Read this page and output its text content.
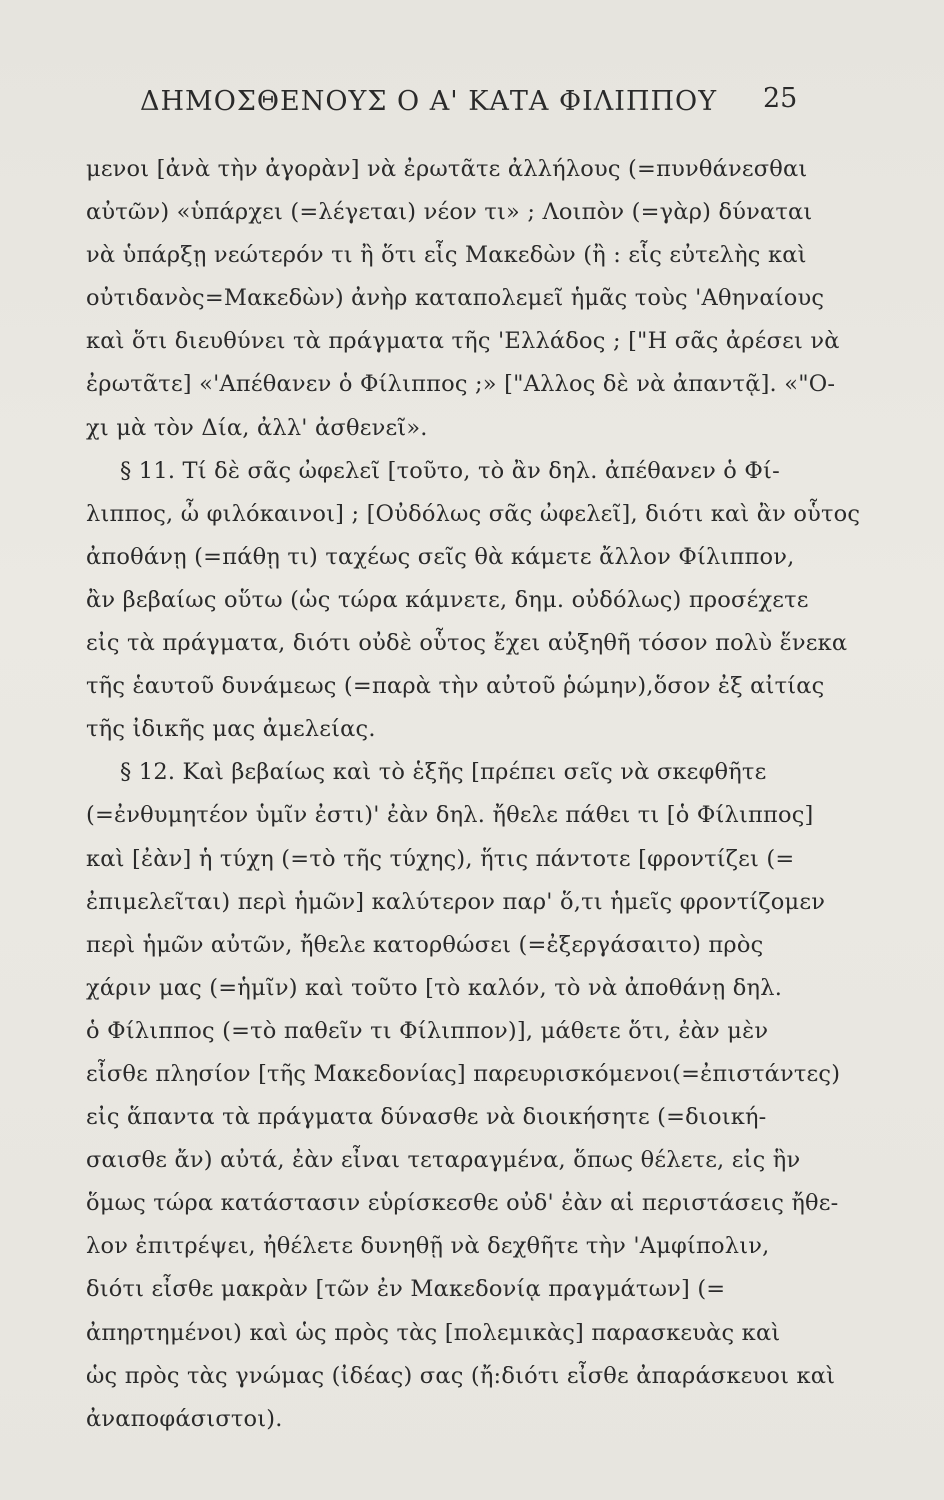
ΔΗΜΟΣΘΕΝΟΥΣ Ο Α' ΚΑΤΑ ΦΙΛΙΠΠΟΥ	25
μενοι [ἀνὰ τὴν ἀγορὰν] νὰ ἐρωτᾶτε ἀλλήλους (=πυνθάνεσθαι
αὐτῶν) «ὑπάρχει (=λέγεται) νέον τι» ; Λοιπὸν (=γὰρ) δύναται
νὰ ὑπάρξῃ νεώτερόν τι ἢ ὅτι εἷς Μακεδὼν (ἢ : εἷς εὐτελὴς καὶ
οὐτιδανὸς=Μακεδὼν) ἀνὴρ καταπολεμεῖ ἡμᾶς τοὺς 'Αθηναίους
καὶ ὅτι διευθύνει τὰ πράγματα τῆς 'Ελλάδος ; ["Η σᾶς ἀρέσει νὰ
ἐρωτᾶτε] «'Απέθανεν ὁ Φίλιππος ;» ["Αλλος δὲ νὰ ἀπαντᾷ]. «"Ο-
χι μὰ τὸν Δία, ἀλλ' ἀσθενεῖ».
§ 11. Τί δὲ σᾶς ὠφελεῖ [τοῦτο, τὸ ἂν δηλ. ἀπέθανεν ὁ Φί-
λιππος, ὦ φιλόκαινοι] ; [Οὐδόλως σᾶς ὠφελεῖ], διότι καὶ ἂν οὗτος
ἀποθάνῃ (=πάθῃ τι) ταχέως σεῖς θὰ κάμετε ἄλλον Φίλιππον,
ἂν βεβαίως οὕτω (ὡς τώρα κάμνετε, δημ. οὐδόλως) προσέχετε
εἰς τὰ πράγματα, διότι οὐδὲ οὗτος ἔχει αὐξηθῆ τόσον πολὺ ἕνεκα
τῆς ἑαυτοῦ δυνάμεως (=παρὰ τὴν αὐτοῦ ῥώμην),ὅσον ἐξ αἰτίας
τῆς ἰδικῆς μας ἀμελείας.
§ 12. Καὶ βεβαίως καὶ τὸ ἑξῆς [πρέπει σεῖς νὰ σκεφθῆτε
(=ἐνθυμητέον ὑμῖν ἐστι)' ἐὰν δηλ. ἤθελε πάθει τι [ὁ Φίλιππος]
καὶ [ἐὰν] ἡ τύχη (=τὸ τῆς τύχης), ἥτις πάντοτε [φροντίζει (=
ἐπιμελεῖται) περὶ ἡμῶν] καλύτερον παρ' ὅ,τι ἡμεῖς φροντίζομεν
περὶ ἡμῶν αὐτῶν, ἤθελε κατορθώσει (=ἐξεργάσαιτο) πρὸς
χάριν μας (=ἡμῖν) καὶ τοῦτο [τὸ καλόν, τὸ νὰ ἀποθάνῃ δηλ.
ὁ Φίλιππος (=τὸ παθεῖν τι Φίλιππον)], μάθετε ὅτι, ἐὰν μὲν
εἶσθε πλησίον [τῆς Μακεδονίας] παρευρισκόμενοι(=ἐπιστάντες)
εἰς ἅπαντα τὰ πράγματα δύνασθε νὰ διοικήσητε (=διοική-
σαισθε ἄν) αὐτά, ἐὰν εἶναι τεταραγμένα, ὅπως θέλετε, εἰς ἣν
ὅμως τώρα κατάστασιν εὑρίσκεσθε οὐδ' ἐὰν αἱ περιστάσεις ἤθε-
λον ἐπιτρέψει, ἠθέλετε δυνηθῇ νὰ δεχθῆτε τὴν 'Αμφίπολιν,
διότι εἶσθε μακρὰν [τῶν ἐν Μακεδονίᾳ πραγμάτων] (=
ἀπηρτημένοι) καὶ ὡς πρὸς τὰς [πολεμικὰς] παρασκευὰς καὶ
ὡς πρὸς τὰς γνώμας (ἰδέας) σας (ἤ:διότι εἶσθε ἀπαράσκευοι καὶ
ἀναποφάσιστοι).
